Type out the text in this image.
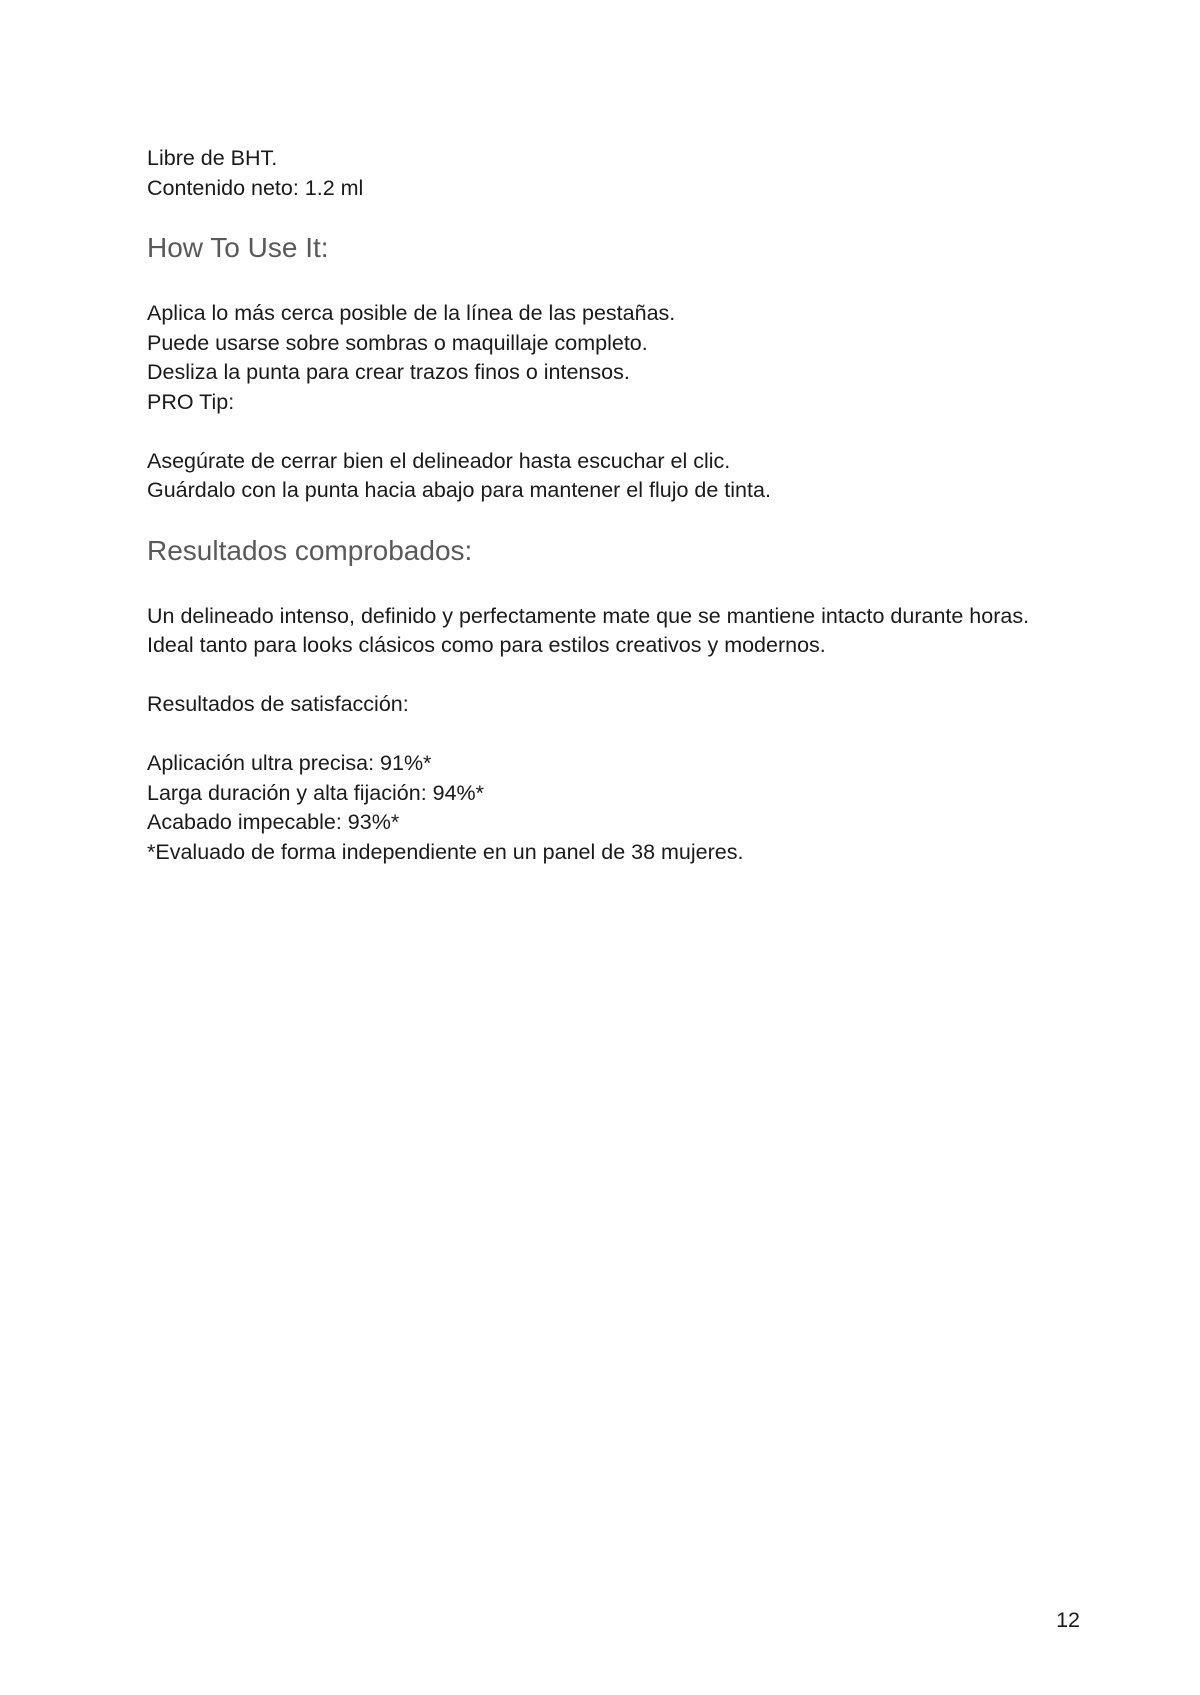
Libre de BHT.
Contenido neto: 1.2 ml
How To Use It:
Aplica lo más cerca posible de la línea de las pestañas.
Puede usarse sobre sombras o maquillaje completo.
Desliza la punta para crear trazos finos o intensos.
PRO Tip:
Asegúrate de cerrar bien el delineador hasta escuchar el clic.
Guárdalo con la punta hacia abajo para mantener el flujo de tinta.
Resultados comprobados:
Un delineado intenso, definido y perfectamente mate que se mantiene intacto durante horas.
Ideal tanto para looks clásicos como para estilos creativos y modernos.
Resultados de satisfacción:
Aplicación ultra precisa: 91%*
Larga duración y alta fijación: 94%*
Acabado impecable: 93%*
*Evaluado de forma independiente en un panel de 38 mujeres.
12
